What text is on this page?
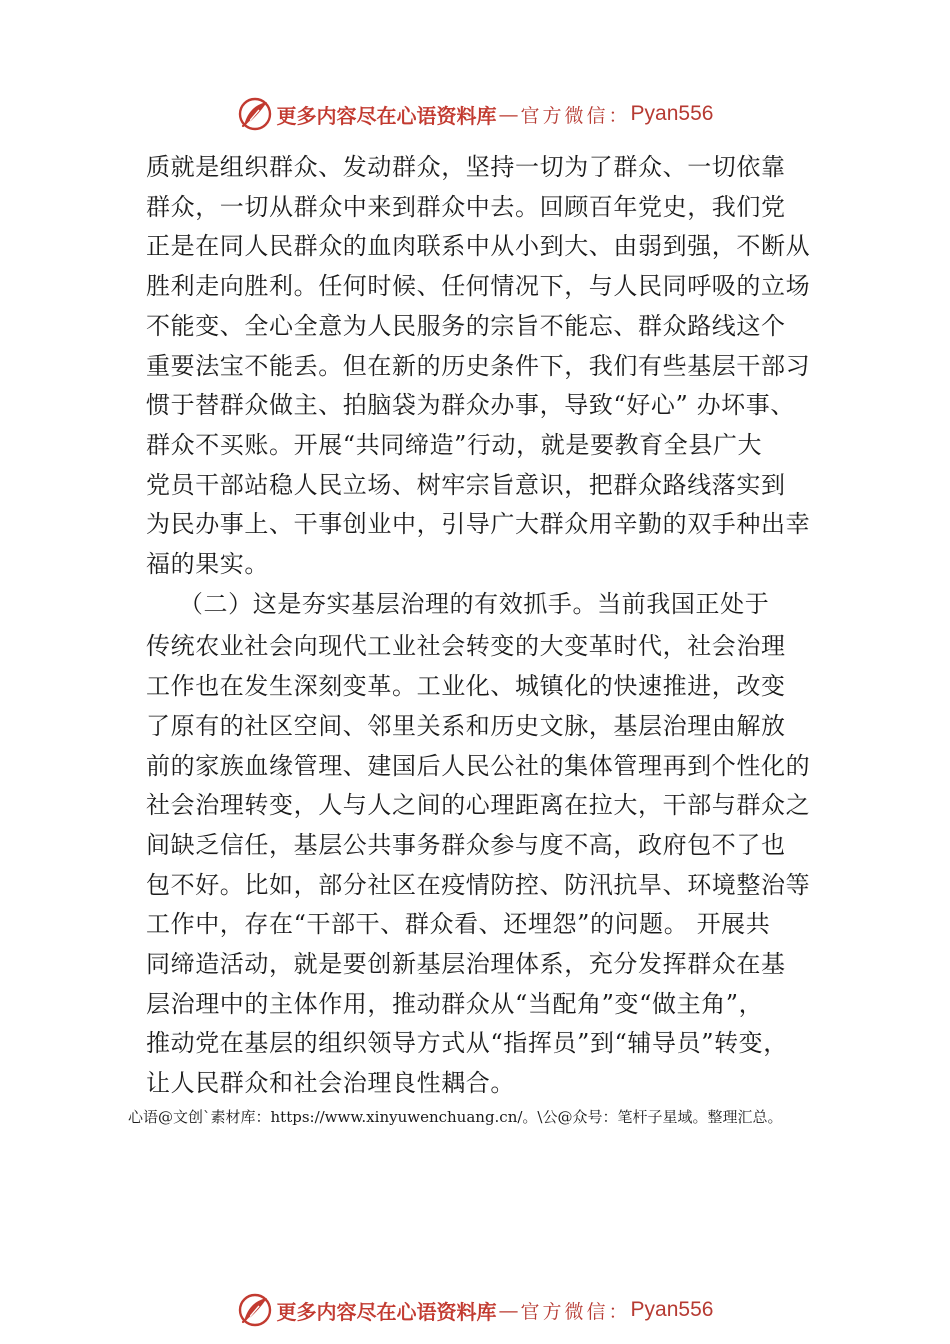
更多内容尽在心语资料库 — 官方微信： Pyan556

质就是组织群众、发动群众，坚持一切为了群众、一切依靠

群众，一切从群众中来到群众中去。回顾百年党史，我们党

正是在同人民群众的血肉联系中从小到大、由弱到强，不断从

胜利走向胜利。任何时候、任何情况下，与人民同呼吸的立场

不能变、全心全意为人民服务的宗旨不能忘、群众路线这个

重要法宝不能丢。但在新的历史条件下，我们有些基层干部习

惯于替群众做主、拍脑袋为群众办事，导致“好心” 办坏事、

群众不买账。开展“共同缔造”行动，就是要教育全县广大

党员干部站稳人民立场、树牢宗旨意识，把群众路线落实到

为民办事上、干事创业中，引导广大群众用辛勤的双手种出幸

福的果实。

（二）这是夯实基层治理的有效抓手。当前我国正处于

传统农业社会向现代工业社会转变的大变革时代，社会治理

工作也在发生深刻变革。工业化、城镇化的快速推进，改变

了原有的社区空间、邻里关系和历史文脉，基层治理由解放

前的家族血缘管理、建国后人民公社的集体管理再到个性化的

社会治理转变，人与人之间的心理距离在拉大，干部与群众之

间缺乏信任，基层公共事务群众参与度不高，政府包不了也

包不好。比如，部分社区在疫情防控、防汛抗旱、环境整治等

工作中，存在“干部干、群众看、还埋怨”的问题。 开展共

同缔造活动，就是要创新基层治理体系，充分发挥群众在基

层治理中的主体作用，推动群众从“当配角”变“做主角”，

推动党在基层的组织领导方式从“指挥员”到“辅导员”转变，

让人民群众和社会治理良性耦合。

心语@文创`素材库：https://www.xinyuwenchuang.cn/。\公@众号：笔杆子星域。整理汇总。
更多内容尽在心语资料库 — 官方微信： Pyan556
